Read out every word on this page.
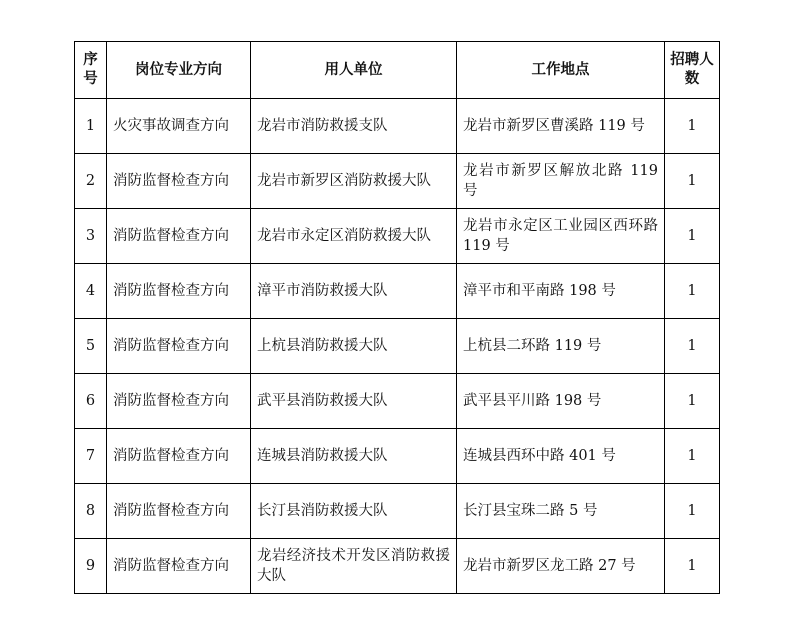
序号	岗位专业方向	用人单位	工作地点	招聘人数
1	火灾事故调查方向	龙岩市消防救援支队	龙岩市新罗区曹溪路 119 号	1
2	消防监督检查方向	龙岩市新罗区消防救援大队	龙岩市新罗区解放北路 119 号	1
3	消防监督检查方向	龙岩市永定区消防救援大队	龙岩市永定区工业园区西环路 119 号	1
4	消防监督检查方向	漳平市消防救援大队	漳平市和平南路 198 号	1
5	消防监督检查方向	上杭县消防救援大队	上杭县二环路 119 号	1
6	消防监督检查方向	武平县消防救援大队	武平县平川路 198 号	1
7	消防监督检查方向	连城县消防救援大队	连城县西环中路 401 号	1
8	消防监督检查方向	长汀县消防救援大队	长汀县宝珠二路 5 号	1
9	消防监督检查方向	龙岩经济技术开发区消防救援大队	龙岩市新罗区龙工路 27 号	1
